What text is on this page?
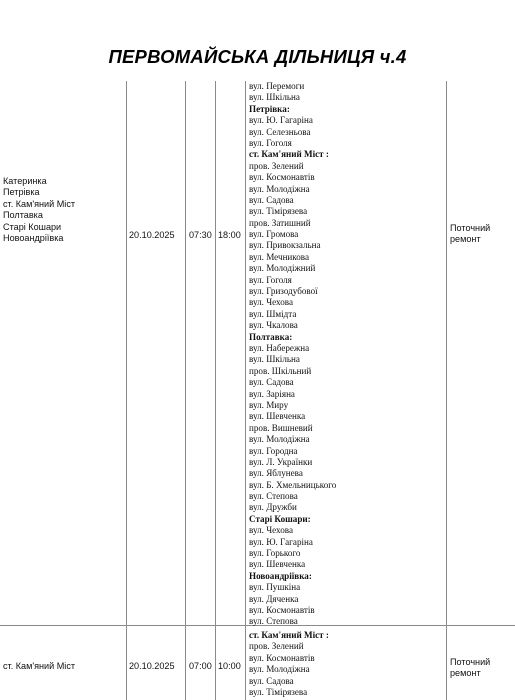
ПЕРВОМАЙСЬКА ДІЛЬНИЦЯ ч.4
Катеринка
Петрівка
ст. Кам'яний Міст
Полтавка
Старі Кошари
Новоандріївка	20.10.2025 07:30 18:00
вул. Перемоги
вул. Шкільна
Петрівка:
вул. Ю. Гагаріна
вул. Селезньова
вул. Гоголя
ст. Кам'яний Міст :
пров. Зелений
вул. Космонавтів
вул. Молодіжна
вул. Садова
вул. Тімірязева
пров. Затишний
вул. Громова
вул. Привокзальна
вул. Мечникова
вул. Молодіжний
вул. Гоголя
вул. Гризодубової
вул. Чехова
вул. Шмідта
вул. Чкалова
Полтавка:
вул. Набережна
вул. Шкільна
пров. Шкільний
вул. Садова
вул. Заріяна
вул. Миру
вул. Шевченка
пров. Вишневий
вул. Молодіжна
вул. Городна
вул. Л. Українки
вул. Яблунева
вул. Б. Хмельницького
вул. Степова
вул. Дружби
Старі Кошари:
вул. Чехова
вул. Ю. Гагаріна
вул. Горького
вул. Шевченка
Новоандріївка:
вул. Пушкіна
вул. Дяченка
вул. Космонавтів
вул. Степова
Поточний
ремонт
ст. Кам'яний Міст	20.10.2025 07:00 10:00
ст. Кам'яний Міст :
пров. Зелений
вул. Космонавтів
вул. Молодіжна
вул. Садова
вул. Тімірязева
Поточний
ремонт
